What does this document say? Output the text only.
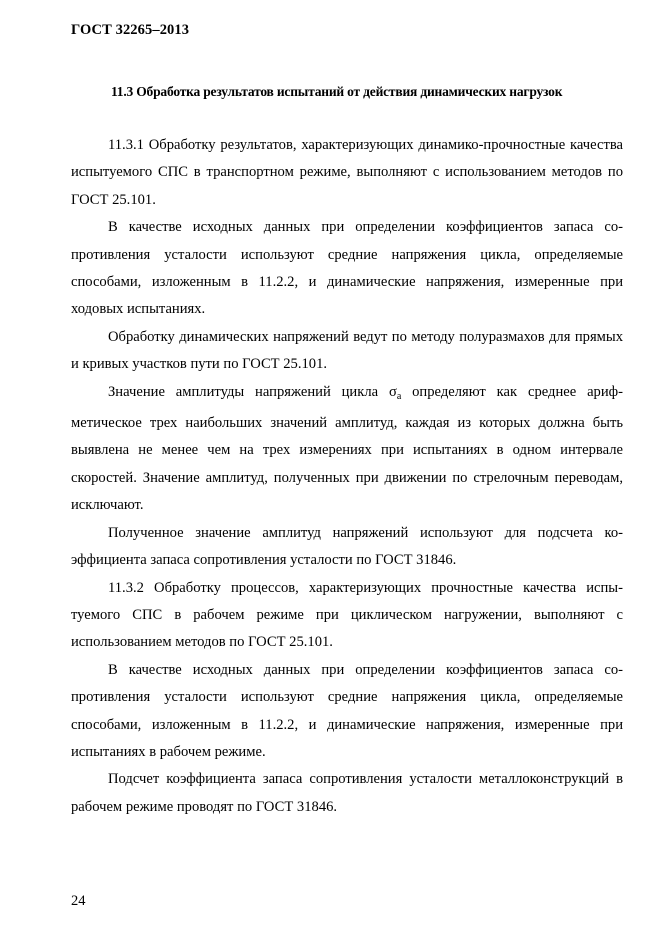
ГОСТ 32265–2013
11.3 Обработка результатов испытаний от действия динамических нагрузок

11.3.1 Обработку результатов, характеризующих динамико-прочностные качества испытуемого СПС в транспортном режиме, выполняют с использованием методов по ГОСТ 25.101.

В качестве исходных данных при определении коэффициентов запаса сопротивления усталости используют средние напряжения цикла, определяемые способами, изложенным в 11.2.2, и динамические напряжения, измеренные при ходовых испытаниях.

Обработку динамических напряжений ведут по методу полуразмахов для прямых и кривых участков пути по ГОСТ 25.101.

Значение амплитуды напряжений цикла $\sigma_a$ определяют как среднее арифметическое трех наибольших значений амплитуд, каждая из которых должна быть выявлена не менее чем на трех измерениях при испытаниях в одном интервале скоростей. Значение амплитуд, полученных при движении по стрелочным переводам, исключают.

Полученное значение амплитуд напряжений используют для подсчета коэффициента запаса сопротивления усталости по ГОСТ 31846.

11.3.2 Обработку процессов, характеризующих прочностные качества испытуемого СПС в рабочем режиме при циклическом нагружении, выполняют с использованием методов по ГОСТ 25.101.

В качестве исходных данных при определении коэффициентов запаса сопротивления усталости используют средние напряжения цикла, определяемые способами, изложенным в 11.2.2, и динамические напряжения, измеренные при испытаниях в рабочем режиме.

Подсчет коэффициента запаса сопротивления усталости металлоконструкций в рабочем режиме проводят по ГОСТ 31846.

24
